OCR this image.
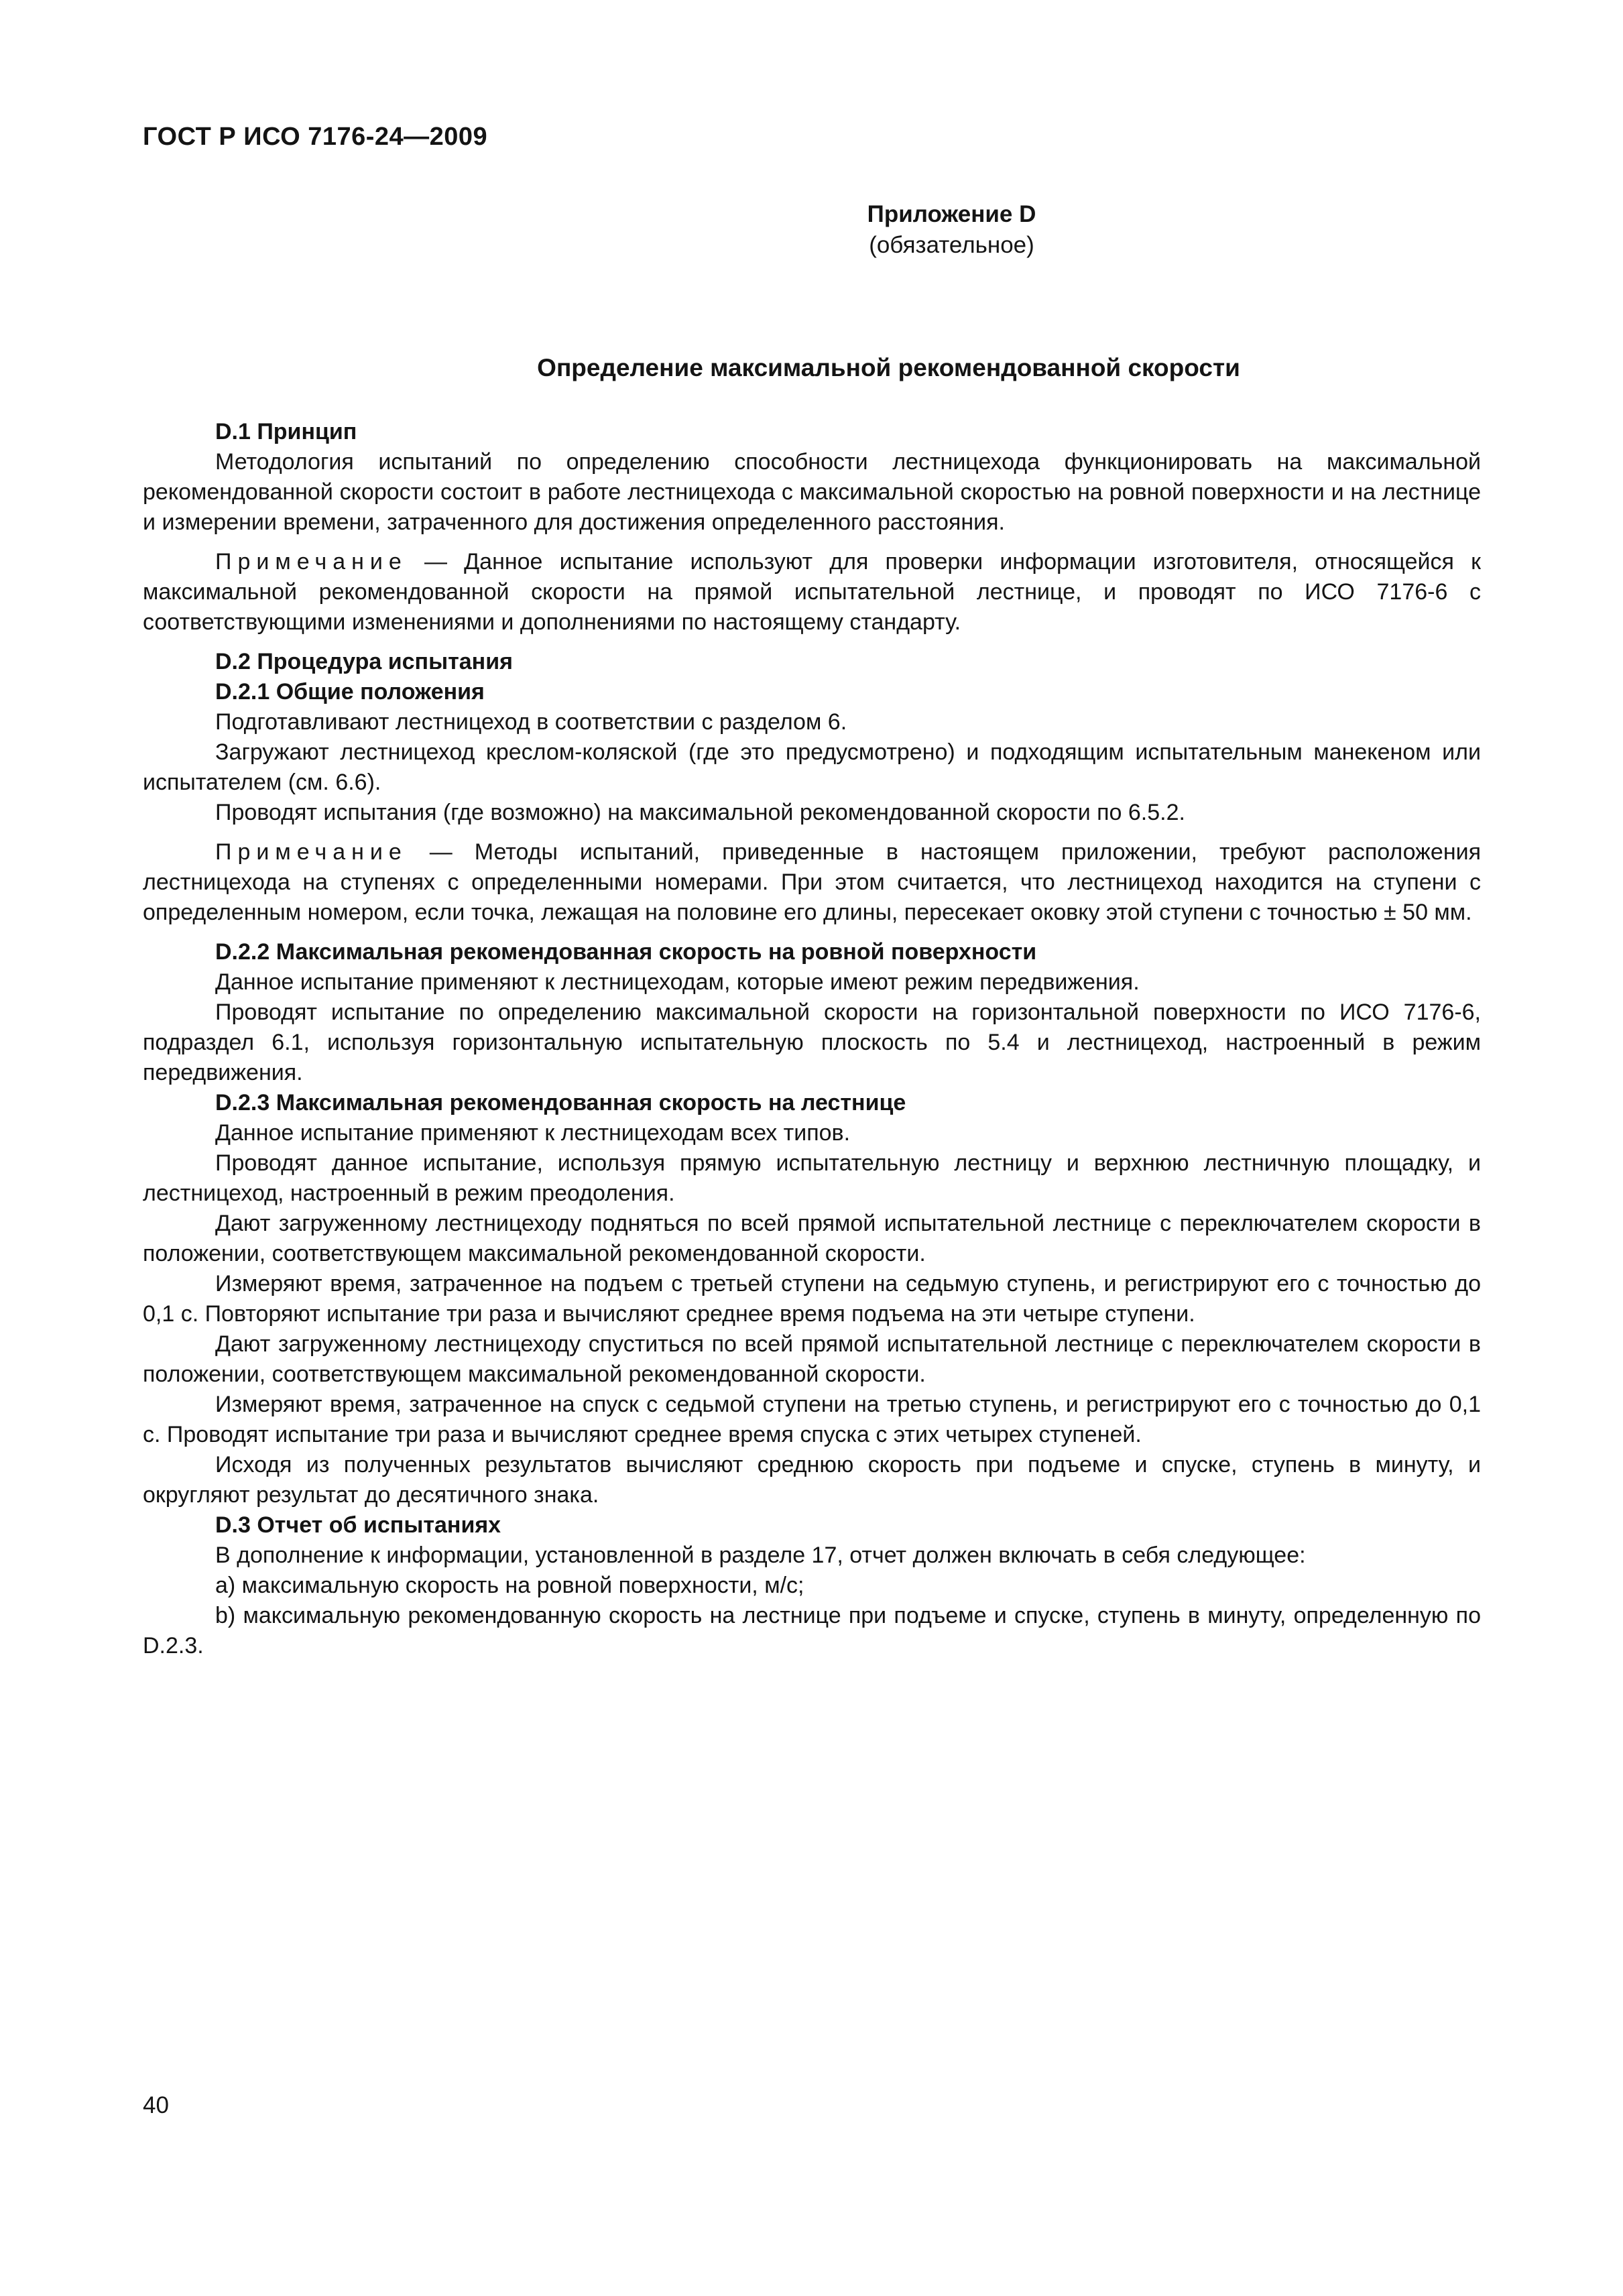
ГОСТ Р ИСО 7176-24—2009
Приложение D
(обязательное)
Определение максимальной рекомендованной скорости
D.1 Принцип

Методология испытаний по определению способности лестницехода функционировать на максимальной рекомендованной скорости состоит в работе лестницехода с максимальной скоростью на ровной поверхности и на лестнице и измерении времени, затраченного для достижения определенного расстояния.

Примечание — Данное испытание используют для проверки информации изготовителя, относящейся к максимальной рекомендованной скорости на прямой испытательной лестнице, и проводят по ИСО 7176-6 с соответствующими изменениями и дополнениями по настоящему стандарту.

D.2 Процедура испытания
D.2.1 Общие положения

Подготавливают лестницеход в соответствии с разделом 6.

Загружают лестницеход креслом-коляской (где это предусмотрено) и подходящим испытательным манекеном или испытателем (см. 6.6).

Проводят испытания (где возможно) на максимальной рекомендованной скорости по 6.5.2.

Примечание — Методы испытаний, приведенные в настоящем приложении, требуют расположения лестницехода на ступенях с определенными номерами. При этом считается, что лестницеход находится на ступени с определенным номером, если точка, лежащая на половине его длины, пересекает оковку этой ступени с точностью ± 50 мм.

D.2.2 Максимальная рекомендованная скорость на ровной поверхности

Данное испытание применяют к лестницеходам, которые имеют режим передвижения.

Проводят испытание по определению максимальной скорости на горизонтальной поверхности по ИСО 7176-6, подраздел 6.1, используя горизонтальную испытательную плоскость по 5.4 и лестницеход, настроенный в режим передвижения.

D.2.3 Максимальная рекомендованная скорость на лестнице

Данное испытание применяют к лестницеходам всех типов.

Проводят данное испытание, используя прямую испытательную лестницу и верхнюю лестничную площадку, и лестницеход, настроенный в режим преодоления.

Дают загруженному лестницеходу подняться по всей прямой испытательной лестнице с переключателем скорости в положении, соответствующем максимальной рекомендованной скорости.

Измеряют время, затраченное на подъем с третьей ступени на седьмую ступень, и регистрируют его с точностью до 0,1 с. Повторяют испытание три раза и вычисляют среднее время подъема на эти четыре ступени.

Дают загруженному лестницеходу спуститься по всей прямой испытательной лестнице с переключателем скорости в положении, соответствующем максимальной рекомендованной скорости.

Измеряют время, затраченное на спуск с седьмой ступени на третью ступень, и регистрируют его с точностью до 0,1 с. Проводят испытание три раза и вычисляют среднее время спуска с этих четырех ступеней.

Исходя из полученных результатов вычисляют среднюю скорость при подъеме и спуске, ступень в минуту, и округляют результат до десятичного знака.

D.3 Отчет об испытаниях

В дополнение к информации, установленной в разделе 17, отчет должен включать в себя следующее:

a) максимальную скорость на ровной поверхности, м/с;

b) максимальную рекомендованную скорость на лестнице при подъеме и спуске, ступень в минуту, определенную по D.2.3.

40
